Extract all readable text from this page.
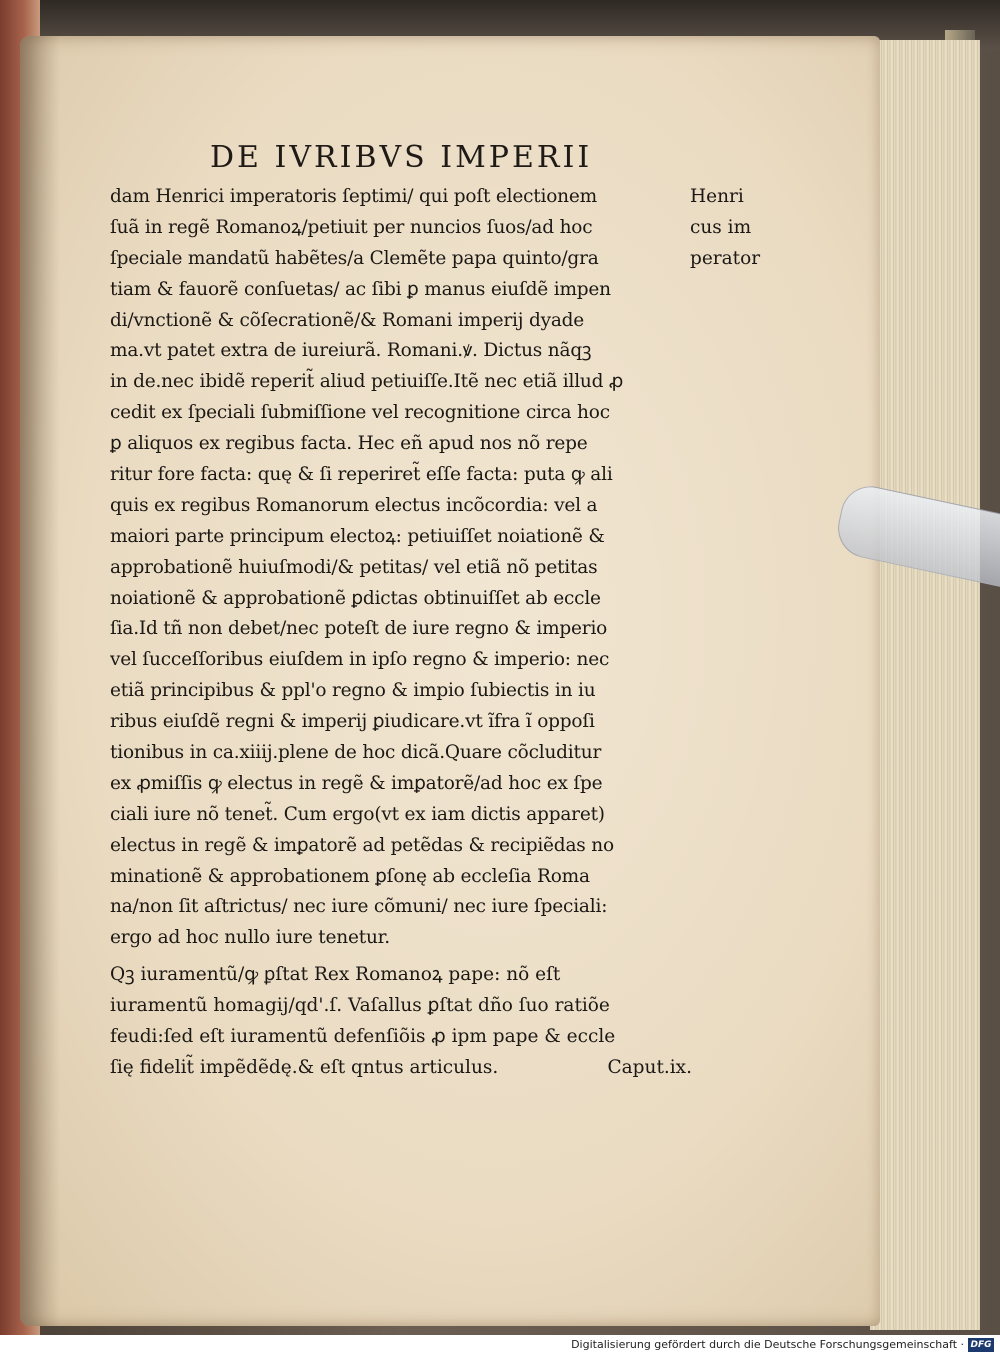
DE IVRIBVS IMPERII
dam Henrici imperatoris ſeptimi/ qui poſt electionem
ſuã in regẽ Romanoꝝ/petiuit per nuncios ſuos/ad hoc
ſpeciale mandatũ habẽtes/a Clemẽte papa quinto/gra
tiam & fauorẽ conſuetas/ ac ſibi ꝑ manus eiuſdẽ impen
di/vnctionẽ & cõſecrationẽ/& Romani imperij dyade
ma.vt patet extra de iureiurã. Romani.ꝟ. Dictus nãqꝫ
in de.nec ibidẽ reperit̃ aliud petiuiſſe.Itẽ nec etiã illud ꝓ
cedit ex ſpeciali ſubmiſſione vel recognitione circa hoc
ꝑ aliquos ex regibus facta. Hec eñ apud nos nõ repe
ritur fore facta: quę & ſi reperiret̃ eſſe facta: puta ꝙ ali
quis ex regibus Romanorum electus incõcordia: vel a
maiori parte principum electoꝝ: petiuiſſet noiationẽ &
approbationẽ huiuſmodi/& petitas/ vel etiã nõ petitas
noiationẽ & approbationẽ ꝑdictas obtinuiſſet ab eccle
ſia.Id tñ non debet/nec poteſt de iure regno & imperio
vel ſucceſſoribus eiuſdem in ipſo regno & imperio: nec
etiã principibus & ppl'o regno & impio ſubiectis in iu
ribus eiuſdẽ regni & imperij ꝑiudicare.vt ĩfra ĩ oppoſi
tionibus in ca.xiiij.plene de hoc dicã.Quare cõcluditur
ex ꝓmiſſis ꝙ electus in regẽ & imꝑatorẽ/ad hoc ex ſpe
ciali iure nõ tenet̃. Cum ergo(vt ex iam dictis apparet)
electus in regẽ & imꝑatorẽ ad petẽdas & recipiẽdas no
minationẽ & approbationem ꝑſonę ab eccleſia Roma
na/non ſit aſtrictus/ nec iure cõmuni/ nec iure ſpeciali:
ergo ad hoc nullo iure tenetur.
Henri
cus im
perator
Qꝫ iuramentũ/ꝙ ꝑſtat Rex Romanoꝝ pape: nõ eſt
iuramentũ homagij/qd'.ſ. Vaſallus ꝑſtat dño ſuo ratiõe
feudi:ſed eſt iuramentũ defenſiõis ꝓ ipm pape & eccle
ſię fidelit̃ impẽdẽdę.& eſt qntus articulus.	Caput.ix.
Digitalisierung gefördert durch die Deutsche Forschungsgemeinschaft · DFG
